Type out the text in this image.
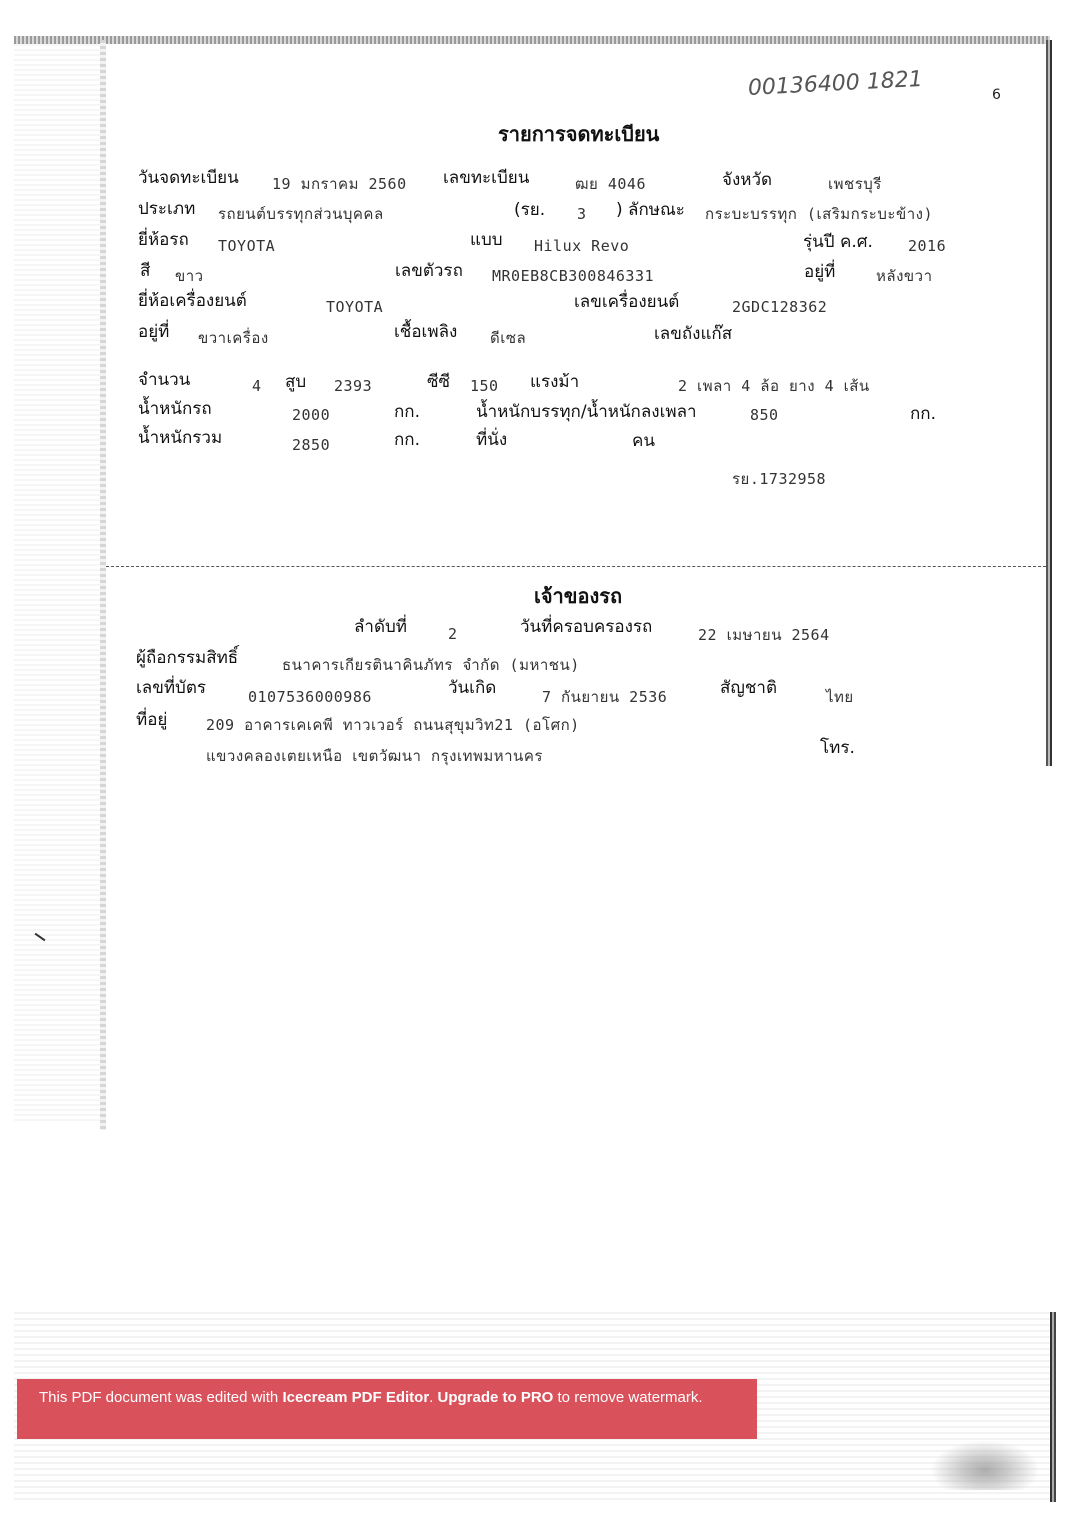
00136400 1821	6
รายการจดทะเบียน
วันจดทะเบียน 19 มกราคม 2560 เลขทะเบียน	ฒย 4046	จังหวัด	เพชรบุรี
ประเภท รถยนต์บรรทุกส่วนบุคคล	(รย. 3 ) ลักษณะ กระบะบรรทุก (เสริมกระบะข้าง)
ยี่ห้อรถ TOYOTA	แบบ Hilux Revo	รุ่นปี ค.ศ. 2016
สี ขาว	เลขตัวรถ MR0EB8CB300846331	อยู่ที่	หลังขวา
ยี่ห้อเครื่องยนต์	TOYOTA	เลขเครื่องยนต์	2GDC128362
อยู่ที่ ขวาเครื่อง	เชื้อเพลิง ดีเซล	เลขถังแก๊ส
จำนวน	4 สูบ 2393	ซีซี 150 แรงม้า	2 เพลา 4 ล้อ ยาง 4 เส้น
น้ำหนักรถ	2000	กก.	น้ำหนักบรรทุก/น้ำหนักลงเพลา	850	กก.
น้ำหนักรวม	2850	กก.	ที่นั่ง	คน
รย.1732958
เจ้าของรถ
ลำดับที่	2	วันที่ครอบครองรถ	22 เมษายน 2564
ผู้ถือกรรมสิทธิ์	ธนาคารเกียรตินาคินภัทร จำกัด (มหาชน)
เลขที่บัตร	0107536000986	วันเกิด	7 กันยายน 2536	สัญชาติ	ไทย
ที่อยู่	209 อาคารเคเคพี ทาวเวอร์ ถนนสุขุมวิท21 (อโศก)
แขวงคลองเตยเหนือ เขตวัฒนา กรุงเทพมหานคร	โทร.
This PDF document was edited with Icecream PDF Editor. Upgrade to PRO to remove watermark.
